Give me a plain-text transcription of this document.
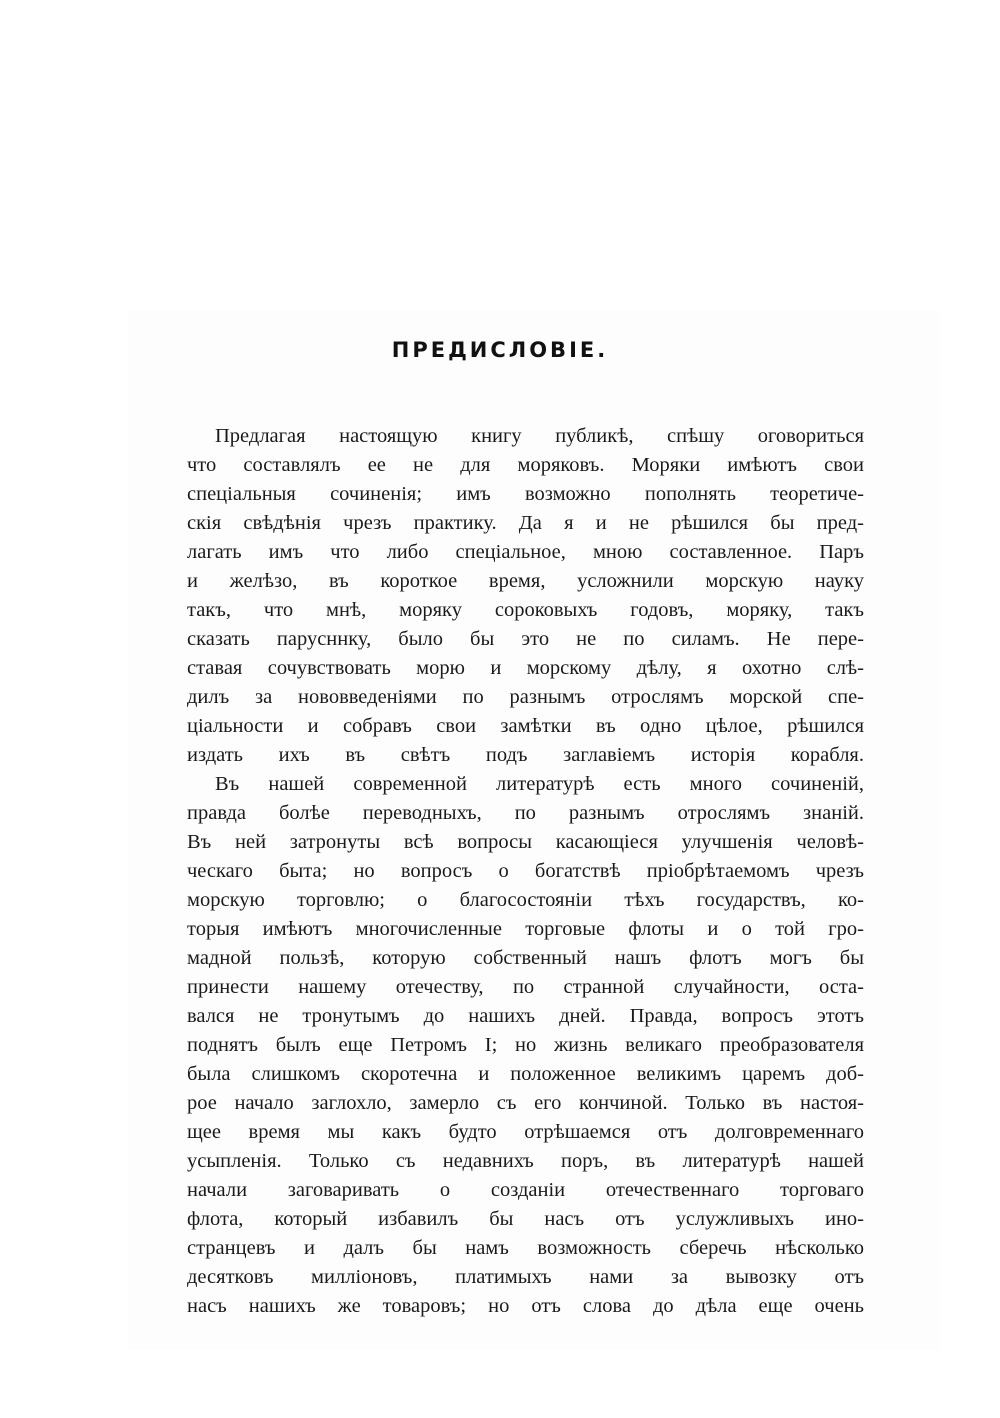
ПРЕДИСЛОВIЕ.
Предлагая настоящую книгу публикѣ, спѣшу оговориться
что составлялъ ее не для моряковъ. Моряки имѣютъ свои
спецiальныя сочиненiя; имъ возможно пополнять теоретиче-
скiя свѣдѣнiя чрезъ практику. Да я и не рѣшился бы пред-
лагать имъ что либо спецiальное, мною составленное. Паръ
и желѣзо, въ короткое время, усложнили морскую науку
такъ, что мнѣ, моряку сороковыхъ годовъ, моряку, такъ
сказать парусннку, было бы это не по силамъ. Не пере-
ставая сочувствовать морю и морскому дѣлу, я охотно слѣ-
дилъ за нововведенiями по разнымъ отрослямъ морской спе-
цiальности и собравъ свои замѣтки въ одно цѣлое, рѣшился
издать ихъ въ свѣтъ подъ заглавiемъ исторiя корабля.
Въ нашей современной литературѣ есть много сочиненiй,
правда болѣе переводныхъ, по разнымъ отрослямъ знанiй.
Въ ней затронуты всѣ вопросы касающiеся улучшенiя человѣ-
ческаго быта; но вопросъ о богатствѣ прiобрѣтаемомъ чрезъ
морскую торговлю; о благосостоянiи тѣхъ государствъ, ко-
торыя имѣютъ многочисленные торговые флоты и о той гро-
мадной пользѣ, которую собственный нашъ флотъ могъ бы
принести нашему отечеству, по странной случайности, оста-
вался не тронутымъ до нашихъ дней. Правда, вопросъ этотъ
поднятъ былъ еще Петромъ I; но жизнь великаго преобразователя
была слишкомъ скоротечна и положенное великимъ царемъ доб-
рое начало заглохло, замерло съ его кончиной. Только въ настоя-
щее время мы какъ будто отрѣшаемся отъ долговременнаго
усыпленiя. Только съ недавнихъ поръ, въ литературѣ нашей
начали заговаривать о созданiи отечественнаго торговаго
флота, который избавилъ бы насъ отъ услужливыхъ ино-
странцевъ и далъ бы намъ возможность сберечь нѣсколько
десятковъ миллiоновъ, платимыхъ нами за вывозку отъ
насъ нашихъ же товаровъ; но отъ слова до дѣла еще очень
